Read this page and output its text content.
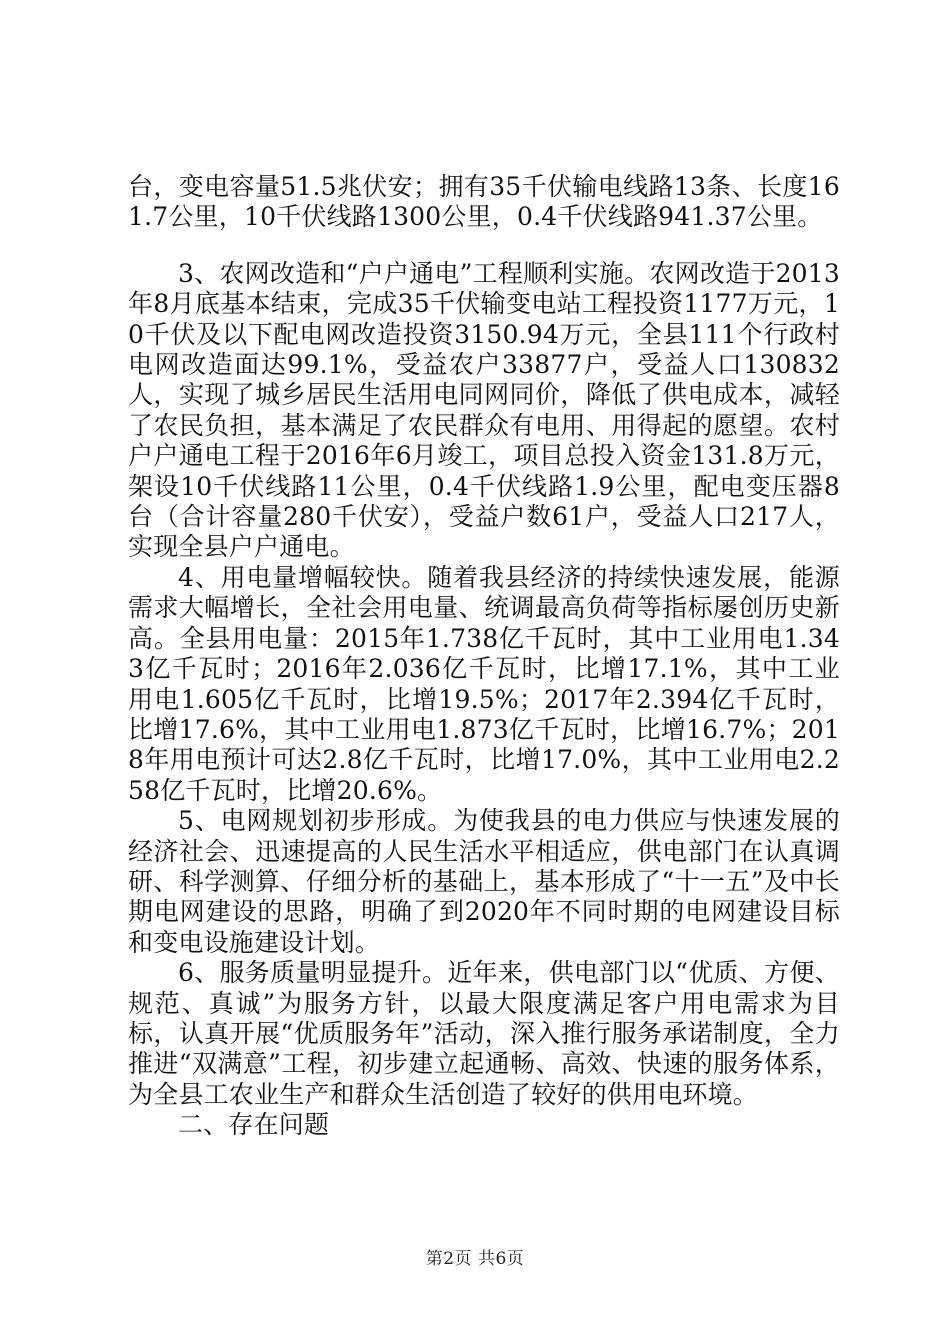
台，变电容量51.5兆伏安；拥有35千伏输电线路13条、长度161.7公里，10千伏线路1300公里，0.4千伏线路941.37公里。

3、农网改造和“户户通电”工程顺利实施。农网改造于2013年8月底基本结束，完成35千伏输变电站工程投资1177万元，10千伏及以下配电网改造投资3150.94万元，全县111个行政村电网改造面达99.1%，受益农户33877户，受益人口130832人，实现了城乡居民生活用电同网同价，降低了供电成本，减轻了农民负担，基本满足了农民群众有电用、用得起的愿望。农村户户通电工程于2016年6月竣工，项目总投入资金131.8万元，架设10千伏线路11公里，0.4千伏线路1.9公里，配电变压器8台（合计容量280千伏安），受益户数61户，受益人口217人，实现全县户户通电。

4、用电量增幅较快。随着我县经济的持续快速发展，能源需求大幅增长，全社会用电量、统调最高负荷等指标屡创历史新高。全县用电量：2015年1.738亿千瓦时，其中工业用电1.343亿千瓦时；2016年2.036亿千瓦时，比增17.1%，其中工业用电1.605亿千瓦时，比增19.5%；2017年2.394亿千瓦时，比增17.6%，其中工业用电1.873亿千瓦时，比增16.7%；2018年用电预计可达2.8亿千瓦时，比增17.0%，其中工业用电2.258亿千瓦时，比增20.6%。

5、电网规划初步形成。为使我县的电力供应与快速发展的经济社会、迅速提高的人民生活水平相适应，供电部门在认真调研、科学测算、仔细分析的基础上，基本形成了“十一五”及中长期电网建设的思路，明确了到2020年不同时期的电网建设目标和变电设施建设计划。

6、服务质量明显提升。近年来，供电部门以“优质、方便、规范、真诚”为服务方针，以最大限度满足客户用电需求为目标，认真开展“优质服务年”活动，深入推行服务承诺制度，全力推进“双满意”工程，初步建立起通畅、高效、快速的服务体系，为全县工农业生产和群众生活创造了较好的供用电环境。

二、存在问题

第2页 共6页
